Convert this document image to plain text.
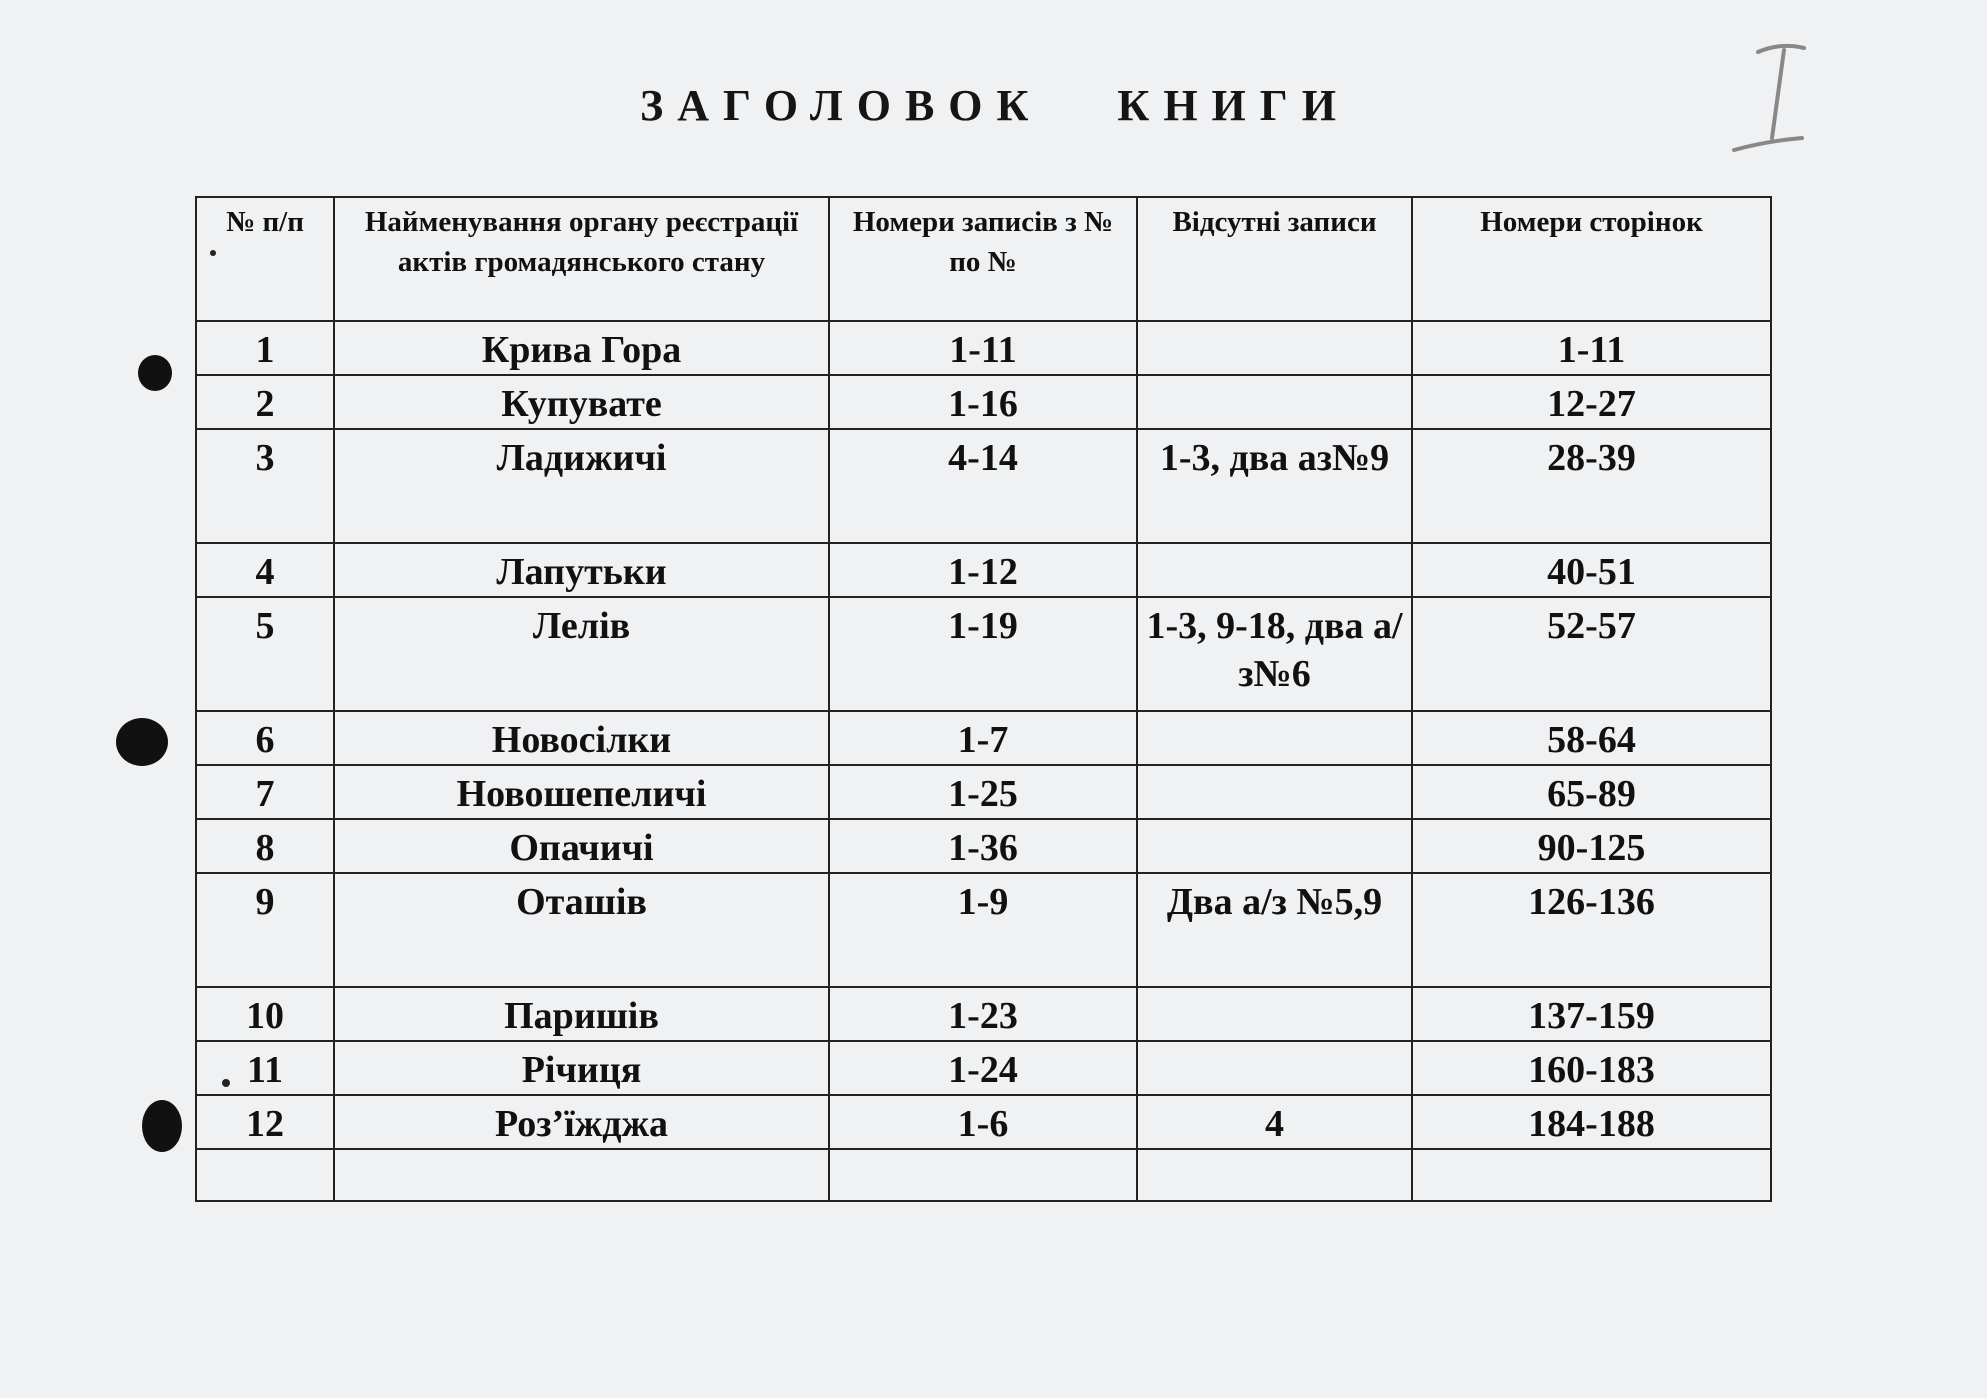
ЗАГОЛОВОК   КНИГИ
№ п/п	Найменування органу реєстрації актів громадянського стану	Номери записів з № по №	Відсутні записи	Номери сторінок
1	Крива Гора	1-11		1-11
2	Купувате	1-16		12-27
3	Ладижичі	4-14	1-3, два аз№9	28-39
4	Лапутьки	1-12		40-51
5	Лелів	1-19	1-3, 9-18, два а/з№6	52-57
6	Новосілки	1-7		58-64
7	Новошепеличі	1-25		65-89
8	Опачичі	1-36		90-125
9	Оташів	1-9	Два а/з №5,9	126-136
10	Паришів	1-23		137-159
11	Річиця	1-24		160-183
12	Роз’їжджа	1-6	4	184-188
